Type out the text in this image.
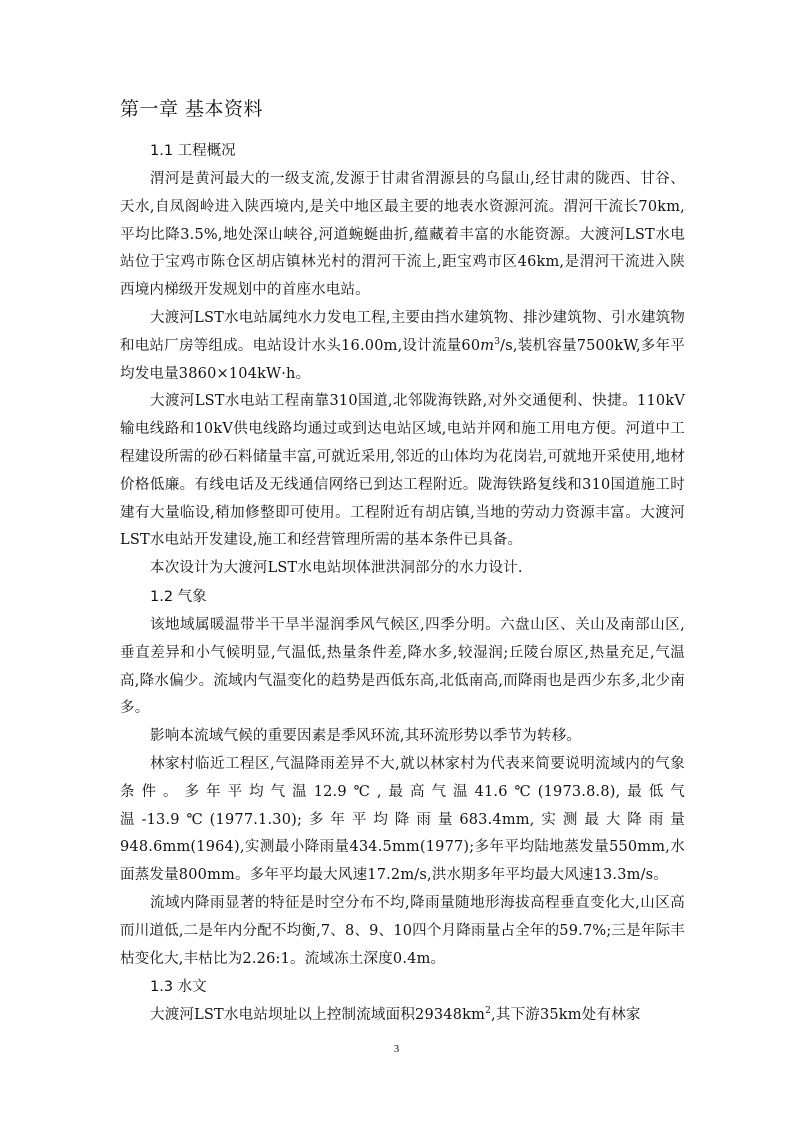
第一章 基本资料
1.1 工程概况

渭河是黄河最大的一级支流,发源于甘肃省渭源县的乌鼠山,经甘肃的陇西、甘谷、天水,自凤阁岭进入陕西境内,是关中地区最主要的地表水资源河流。渭河干流长70km,平均比降3.5%,地处深山峡谷,河道蜿蜒曲折,蕴藏着丰富的水能资源。大渡河LST水电站位于宝鸡市陈仓区胡店镇林光村的渭河干流上,距宝鸡市区46km,是渭河干流进入陕西境内梯级开发规划中的首座水电站。

大渡河LST水电站属纯水力发电工程,主要由挡水建筑物、排沙建筑物、引水建筑物和电站厂房等组成。电站设计水头16.00m,设计流量$60m^3/s$,装机容量7500kW,多年平均发电量3860×104kW·h。

大渡河LST水电站工程南靠310国道,北邻陇海铁路,对外交通便利、快捷。110kV输电线路和10kV供电线路均通过或到达电站区域,电站并网和施工用电方便。河道中工程建设所需的砂石料储量丰富,可就近采用,邻近的山体均为花岗岩,可就地开采使用,地材价格低廉。有线电话及无线通信网络已到达工程附近。陇海铁路复线和310国道施工时建有大量临设,稍加修整即可使用。工程附近有胡店镇,当地的劳动力资源丰富。大渡河LST水电站开发建设,施工和经营管理所需的基本条件已具备。

本次设计为大渡河LST水电站坝体泄洪洞部分的水力设计.

1.2 气象

该地域属暖温带半干旱半湿润季风气候区,四季分明。六盘山区、关山及南部山区,垂直差异和小气候明显,气温低,热量条件差,降水多,较湿润;丘陵台原区,热量充足,气温高,降水偏少。流域内气温变化的趋势是西低东高,北低南高,而降雨也是西少东多,北少南多。

影响本流域气候的重要因素是季风环流,其环流形势以季节为转移。

林家村临近工程区,气温降雨差异不大,就以林家村为代表来简要说明流域内的气象条件。多年平均气温12.9℃,最高气温41.6℃(1973.8.8),最低气温-13.9℃(1977.1.30);多年平均降雨量683.4mm,实测最大降雨量948.6mm(1964),实测最小降雨量434.5mm(1977);多年平均陆地蒸发量550mm,水面蒸发量800mm。多年平均最大风速17.2m/s,洪水期多年平均最大风速13.3m/s。

流域内降雨显著的特征是时空分布不均,降雨量随地形海拔高程垂直变化大,山区高而川道低,二是年内分配不均衡,7、8、9、10四个月降雨量占全年的59.7%;三是年际丰枯变化大,丰枯比为2.26:1。流域冻土深度0.4m。

1.3 水文

大渡河LST水电站坝址以上控制流域面积$29348km^2$,其下游35km处有林家

3
